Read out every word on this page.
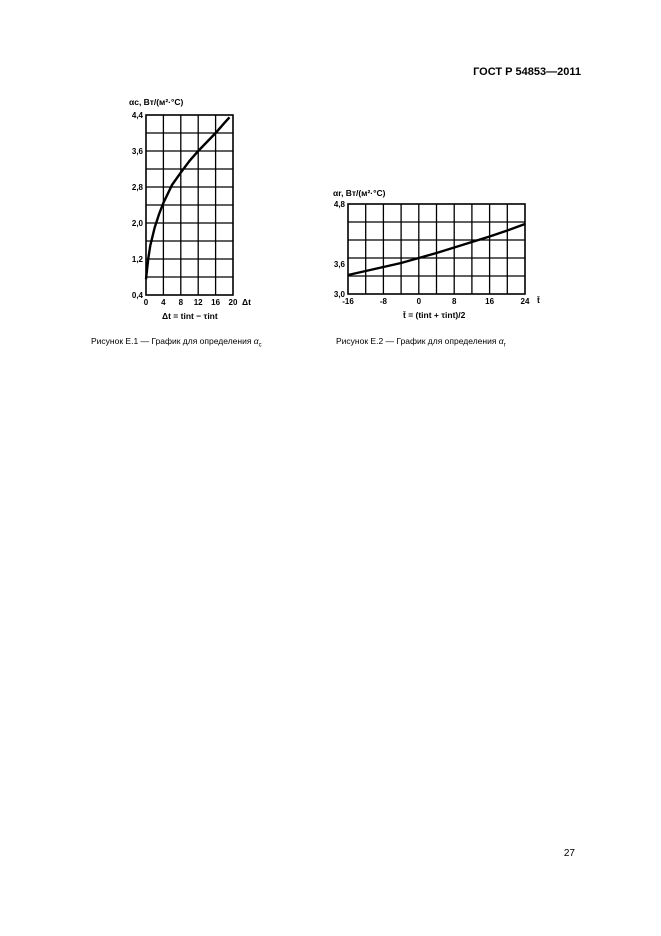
ГОСТ Р 54853—2011
0,4
1,2
2,0
2,8
3,6
4,4
0 4 8 12 16 20
αс, Вт/(м²·°С)
Δt
Δt = tint − τint
3,0
3,6
4,8
-16	-8	0	8	16	24
αr, Вт/(м²·°С)
t̄
t̄ = (tint + τint)/2
Рисунок Е.1 — График для определения $\alpha_c$	Рисунок Е.2 — График для определения $\alpha_r$
27
